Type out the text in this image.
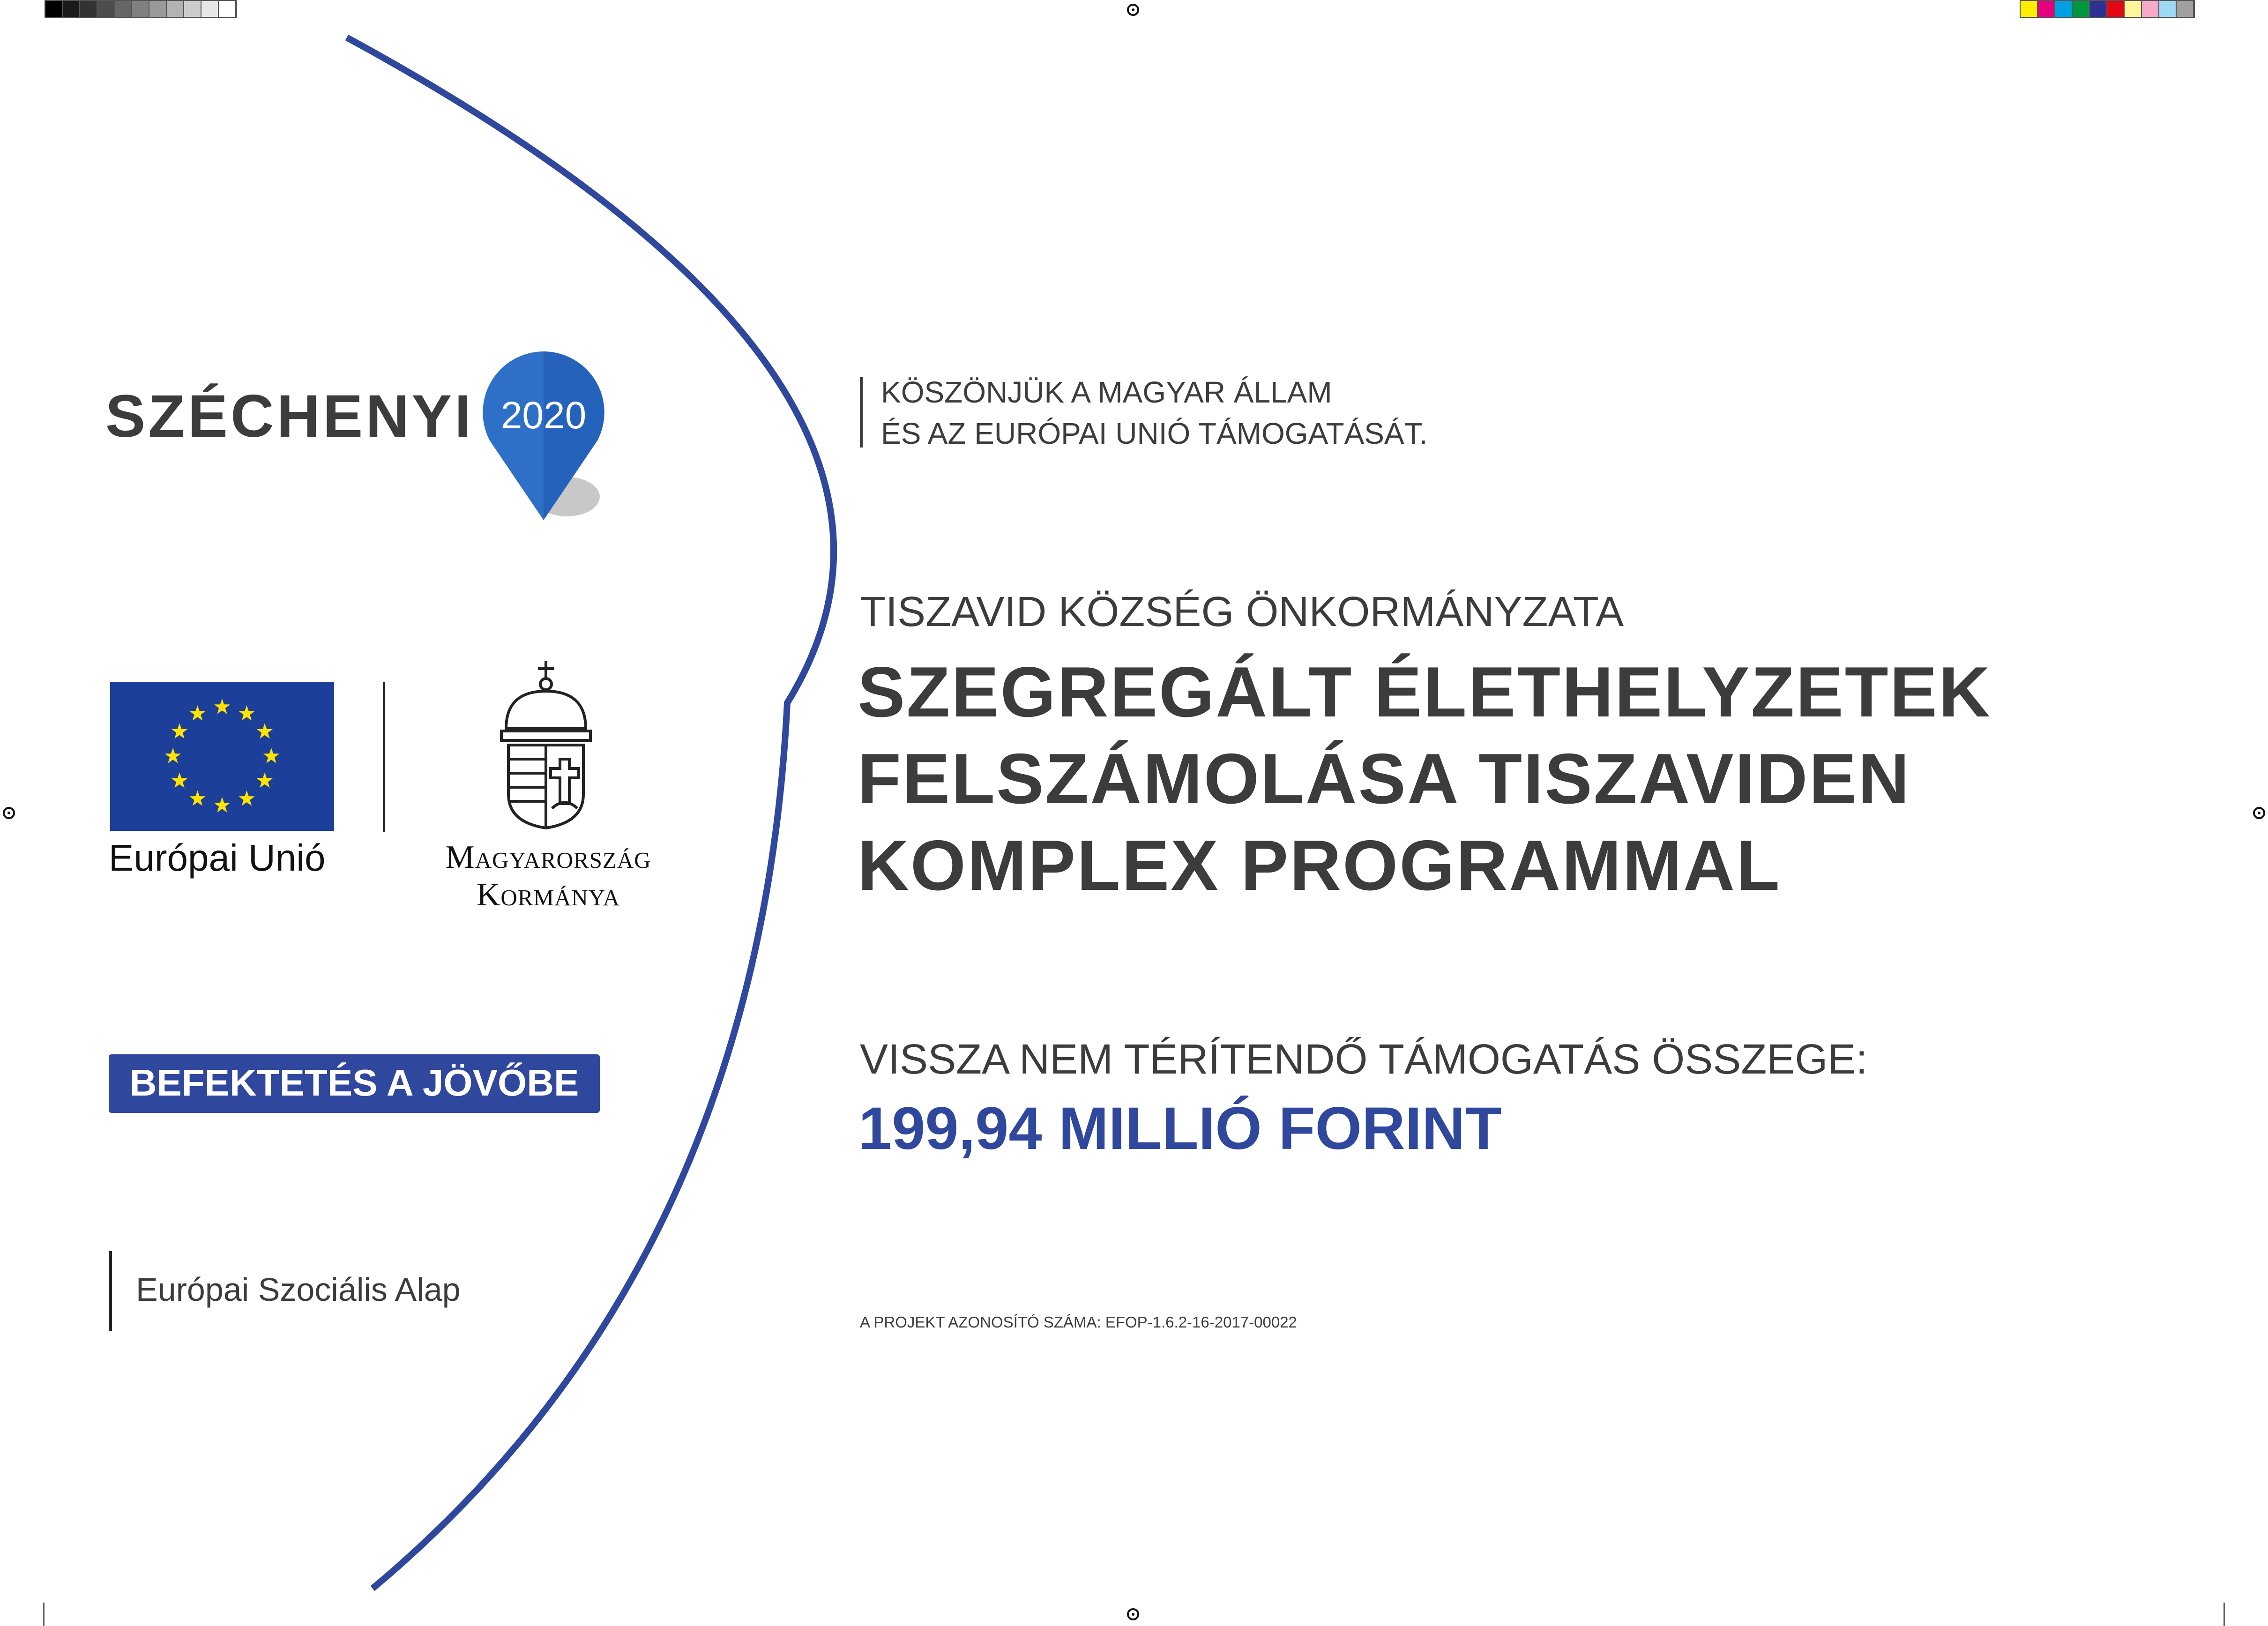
SZÉCHENYI 2020
Európai Unió	Magyarország
Kormánya
BEFEKTETÉS A JÖVŐBE
Európai Szociális Alap
KÖSZÖNJÜK A MAGYAR ÁLLAM
ÉS AZ EURÓPAI UNIÓ TÁMOGATÁSÁT.
TISZAVID KÖZSÉG ÖNKORMÁNYZATA
SZEGREGÁLT ÉLETHELYZETEK
FELSZÁMOLÁSA TISZAVIDEN
KOMPLEX PROGRAMMAL
VISSZA NEM TÉRÍTENDŐ TÁMOGATÁS ÖSSZEGE:
199,94 MILLIÓ FORINT
A PROJEKT AZONOSÍTÓ SZÁMA: EFOP-1.6.2-16-2017-00022
